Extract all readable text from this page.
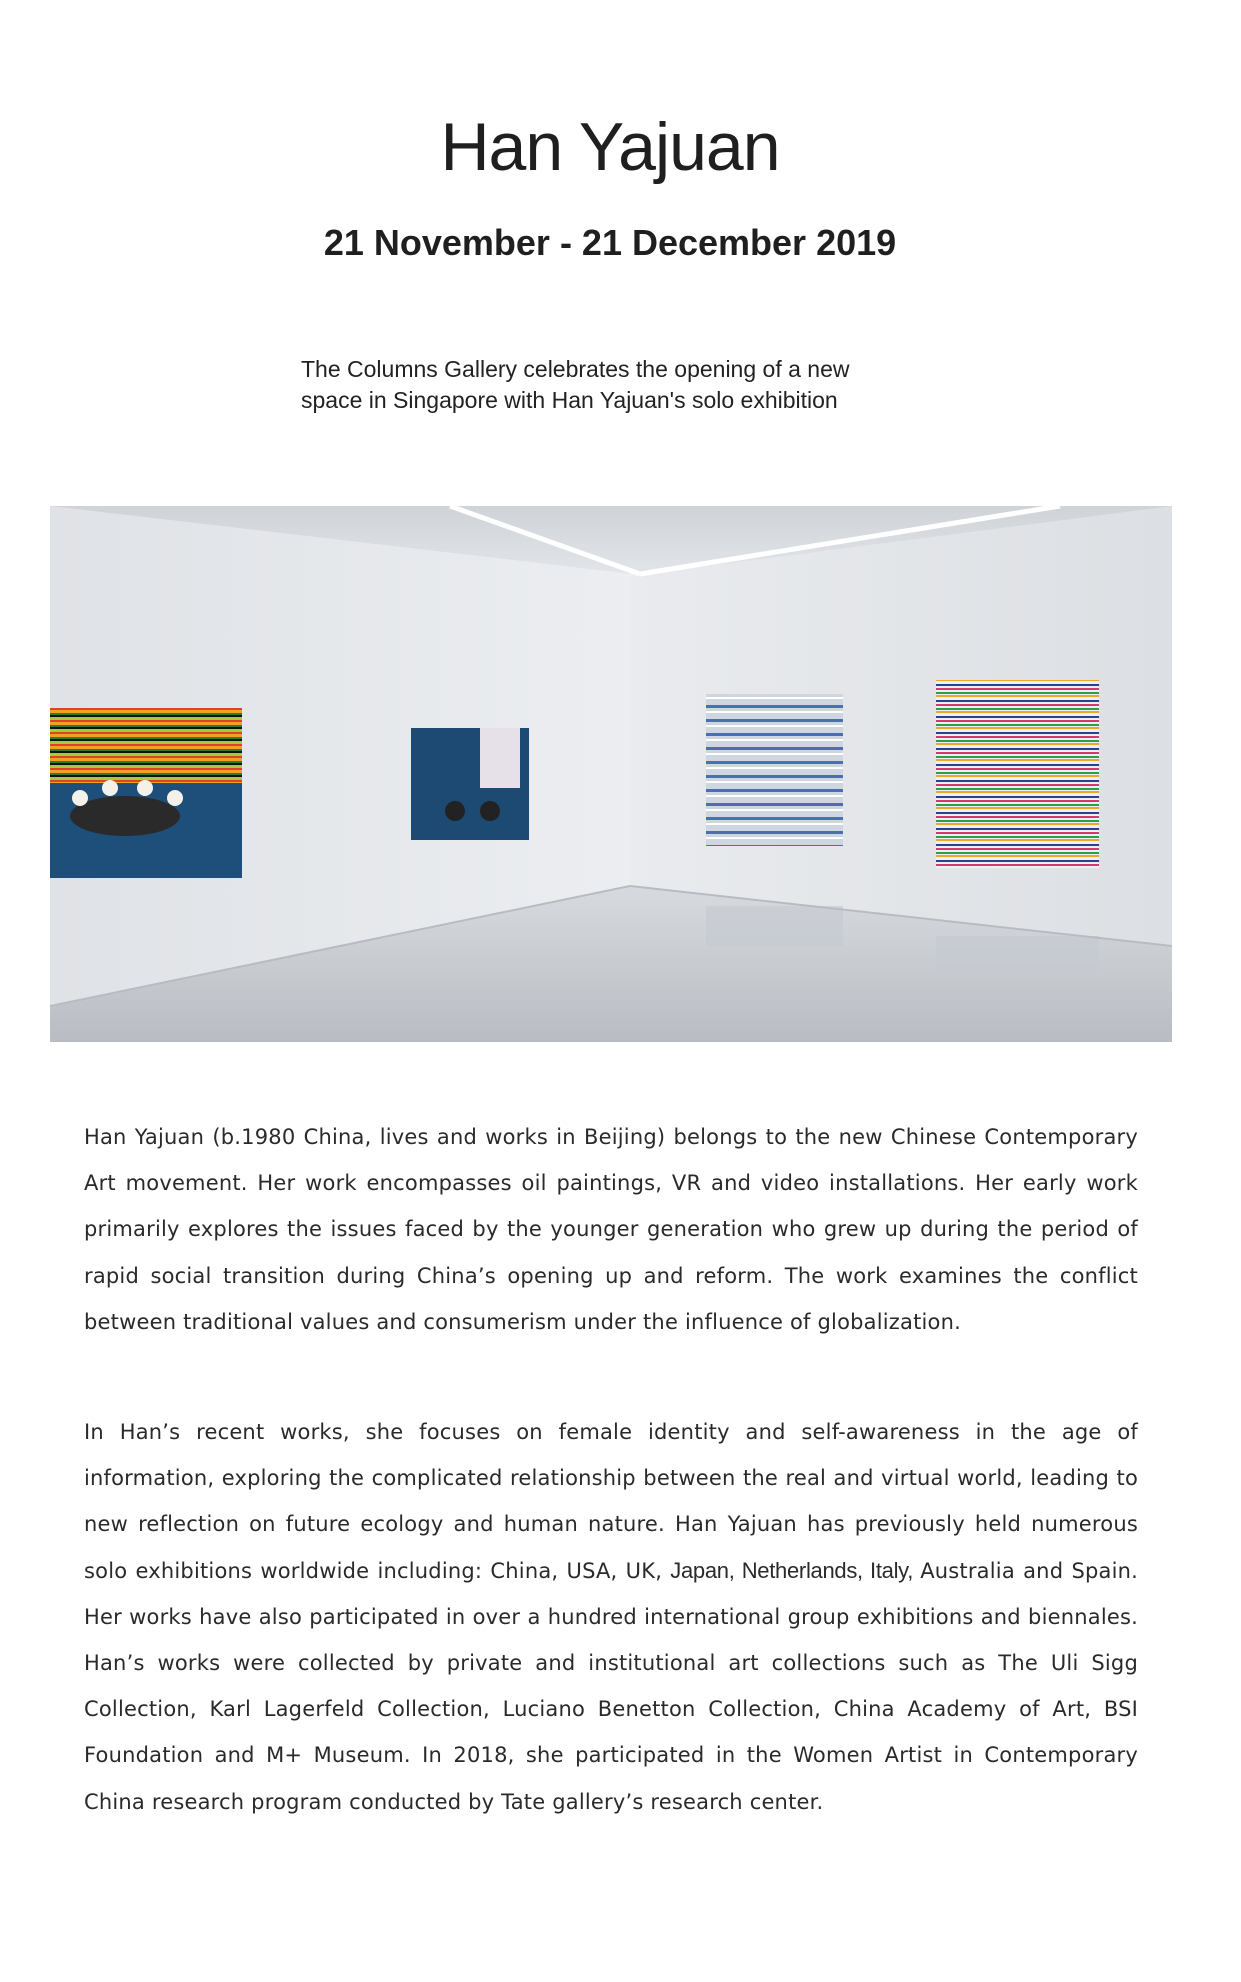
Han Yajuan
21 November - 21 December 2019
The Columns Gallery celebrates the opening of a new
space in Singapore with Han Yajuan's solo exhibition

Han Yajuan (b.1980 China, lives and works in Beijing) belongs to the new Chinese Contemporary Art movement. Her work encompasses oil paintings, VR and video installations. Her early work primarily explores the issues faced by the younger generation who grew up during the period of rapid social transition during China’s opening up and reform. The work examines the conflict between traditional values and consumerism under the influence of globalization.

In Han’s recent works, she focuses on female identity and self-awareness in the age of information, exploring the complicated relationship between the real and virtual world, leading to new reflection on future ecology and human nature. Han Yajuan has previously held numerous solo exhibitions worldwide including: China, USA, UK, Japan, Netherlands, Italy, Australia and Spain. Her works have also participated in over a hundred international group exhibitions and biennales. Han’s works were collected by private and institutional art collections such as The Uli Sigg Collection, Karl Lagerfeld Collection, Luciano Benetton Collection, China Academy of Art, BSI Foundation and M+ Museum. In 2018, she participated in the Women Artist in Contemporary China research program conducted by Tate gallery’s research center.
